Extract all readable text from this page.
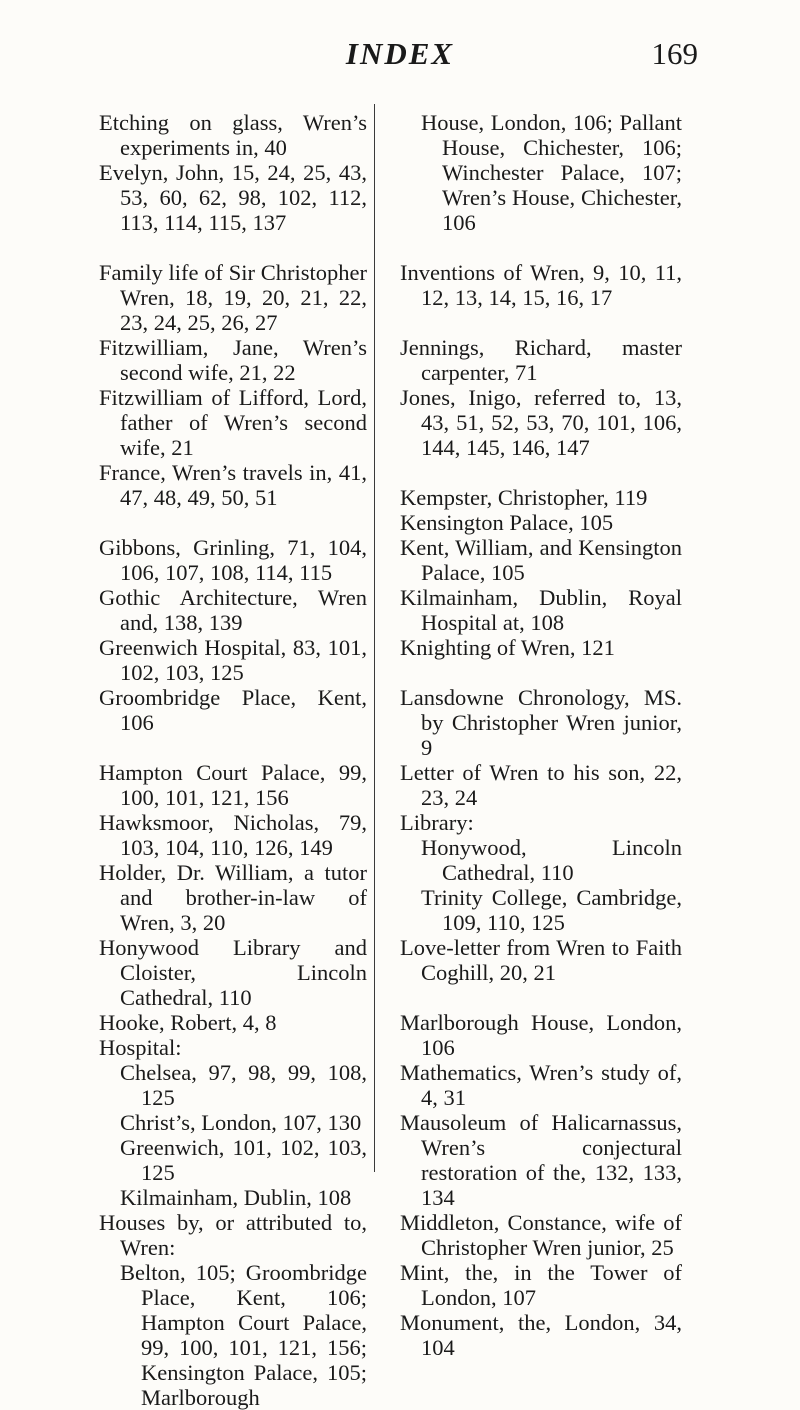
INDEX	169

Etching on glass, Wren’s experiments in, 40

Evelyn, John, 15, 24, 25, 43, 53, 60, 62, 98, 102, 112, 113, 114, 115, 137

Family life of Sir Christopher Wren, 18, 19, 20, 21, 22, 23, 24, 25, 26, 27

Fitzwilliam, Jane, Wren’s second wife, 21, 22

Fitzwilliam of Lifford, Lord, father of Wren’s second wife, 21

France, Wren’s travels in, 41, 47, 48, 49, 50, 51

Gibbons, Grinling, 71, 104, 106, 107, 108, 114, 115

Gothic Architecture, Wren and, 138, 139

Greenwich Hospital, 83, 101, 102, 103, 125

Groombridge Place, Kent, 106

Hampton Court Palace, 99, 100, 101, 121, 156

Hawksmoor, Nicholas, 79, 103, 104, 110, 126, 149

Holder, Dr. William, a tutor and brother-in-law of Wren, 3, 20

Honywood Library and Cloister, Lincoln Cathedral, 110

Hooke, Robert, 4, 8

Hospital:

Chelsea, 97, 98, 99, 108, 125

Christ’s, London, 107, 130

Greenwich, 101, 102, 103, 125

Kilmainham, Dublin, 108

Houses by, or attributed to, Wren:

Belton, 105; Groombridge Place, Kent, 106; Hampton Court Palace, 99, 100, 101, 121, 156; Kensington Palace, 105; Marlborough

House, London, 106; Pallant House, Chichester, 106; Winchester Palace, 107; Wren’s House, Chichester, 106

Inventions of Wren, 9, 10, 11, 12, 13, 14, 15, 16, 17

Jennings, Richard, master carpenter, 71

Jones, Inigo, referred to, 13, 43, 51, 52, 53, 70, 101, 106, 144, 145, 146, 147

Kempster, Christopher, 119

Kensington Palace, 105

Kent, William, and Kensington Palace, 105

Kilmainham, Dublin, Royal Hospital at, 108

Knighting of Wren, 121

Lansdowne Chronology, MS. by Christopher Wren junior, 9

Letter of Wren to his son, 22, 23, 24

Library:

Honywood, Lincoln Cathedral, 110

Trinity College, Cambridge, 109, 110, 125

Love-letter from Wren to Faith Coghill, 20, 21

Marlborough House, London, 106

Mathematics, Wren’s study of, 4, 31

Mausoleum of Halicarnassus, Wren’s conjectural restoration of the, 132, 133, 134

Middleton, Constance, wife of Christopher Wren junior, 25

Mint, the, in the Tower of London, 107

Monument, the, London, 34, 104
